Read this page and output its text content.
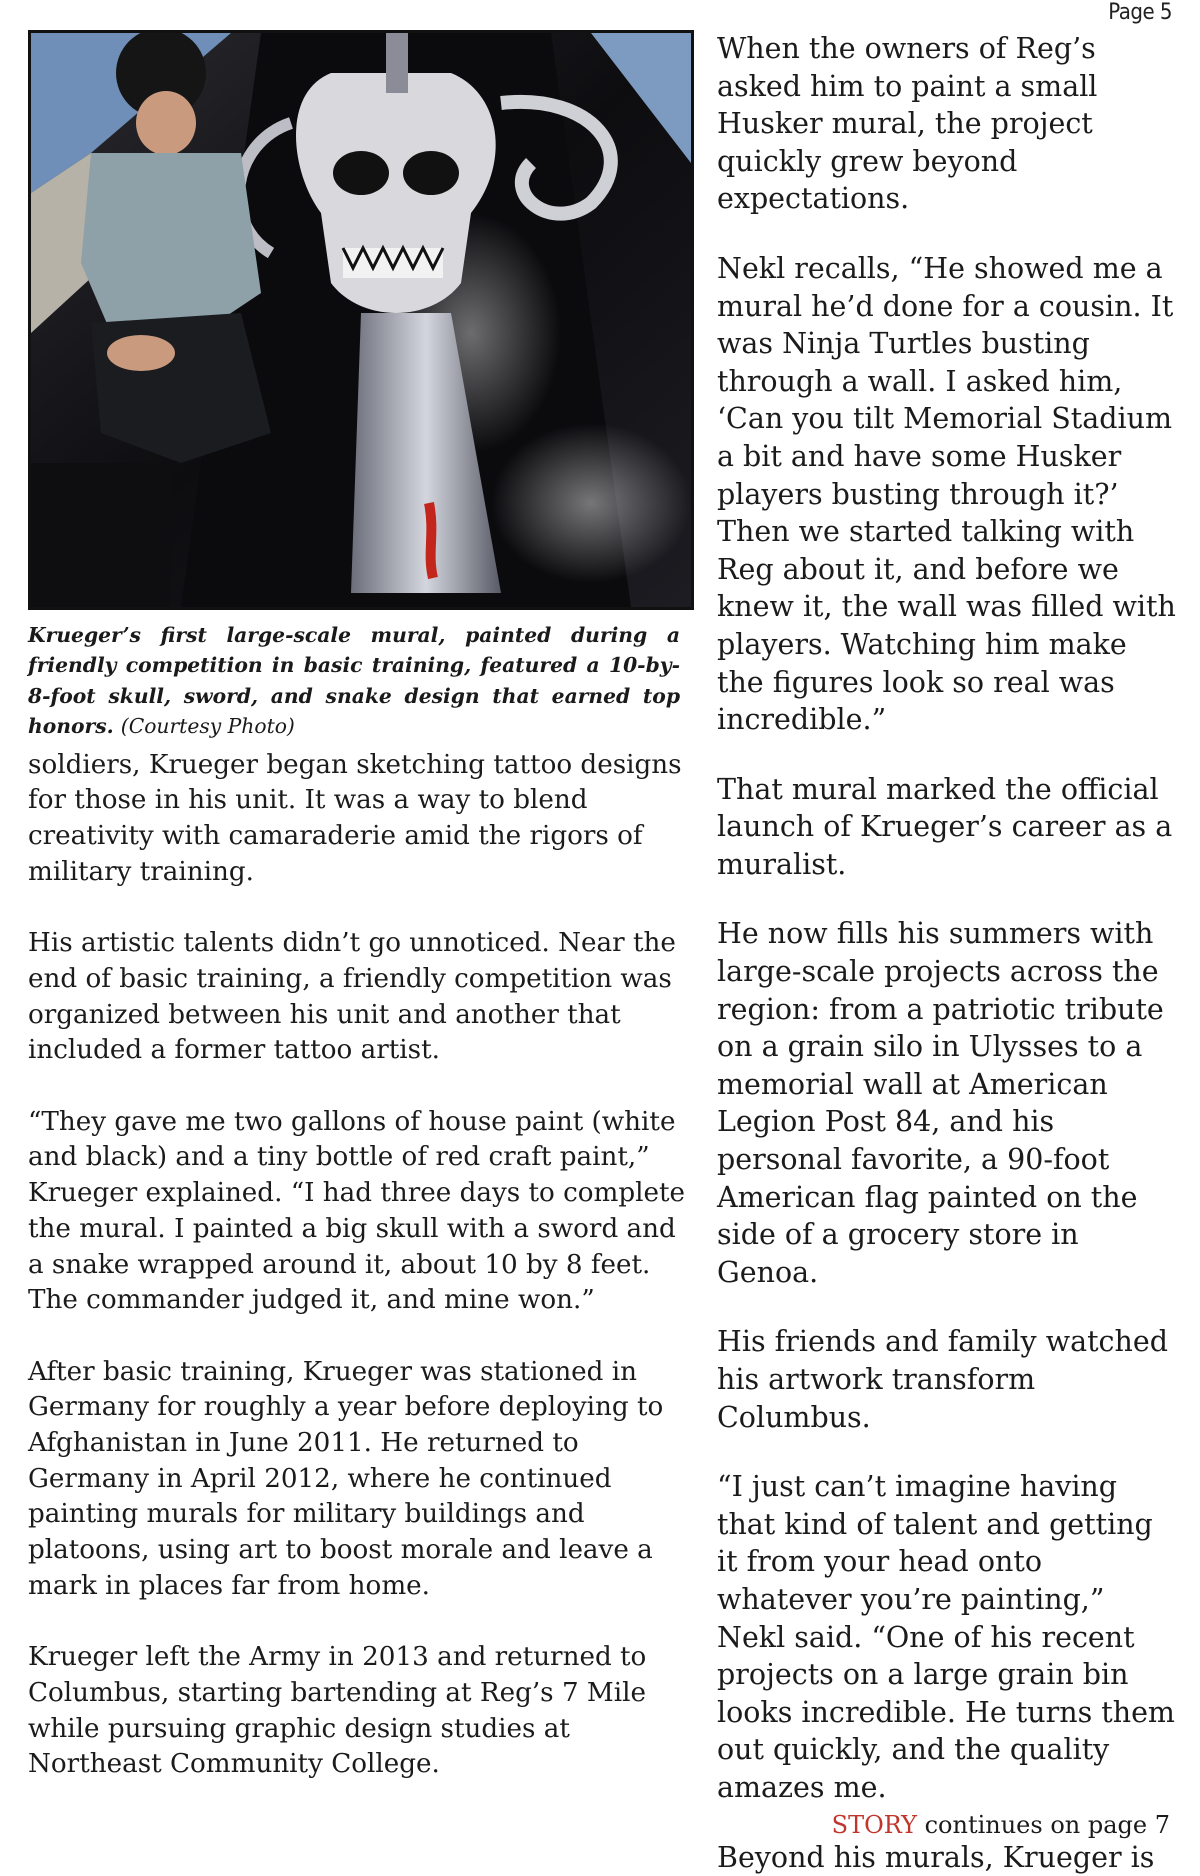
Page 5
Krueger’s first large-scale mural, painted during a friendly competition in basic training, featured a 10-by-8-foot skull, sword, and snake design that earned top honors. (Courtesy Photo)

soldiers, Krueger began sketching tattoo designs for those in his unit. It was a way to blend creativity with camaraderie amid the rigors of military training.

His artistic talents didn’t go unnoticed. Near the end of basic training, a friendly competition was organized between his unit and another that included a former tattoo artist.

“They gave me two gallons of house paint (white and black) and a tiny bottle of red craft paint,” Krueger explained. “I had three days to complete the mural. I painted a big skull with a sword and a snake wrapped around it, about 10 by 8 feet. The commander judged it, and mine won.”

After basic training, Krueger was stationed in Germany for roughly a year before deploying to Afghanistan in June 2011. He returned to Germany in April 2012, where he continued painting murals for military buildings and platoons, using art to boost morale and leave a mark in places far from home.

Krueger left the Army in 2013 and returned to Columbus, starting bartending at Reg’s 7 Mile while pursuing graphic design studies at Northeast Community College.

When the owners of Reg’s asked him to paint a small Husker mural, the project quickly grew beyond expectations.

Nekl recalls, “He showed me a mural he’d done for a cousin. It was Ninja Turtles busting through a wall. I asked him, ‘Can you tilt Memorial Stadium a bit and have some Husker players busting through it?’ Then we started talking with Reg about it, and before we knew it, the wall was filled with players. Watching him make the figures look so real was incredible.”

That mural marked the official launch of Krueger’s career as a muralist.

He now fills his summers with large-scale projects across the region: from a patriotic tribute on a grain silo in Ulysses to a memorial wall at American Legion Post 84, and his personal favorite, a 90-foot American flag painted on the side of a grocery store in Genoa.

His friends and family watched his artwork transform Columbus.

“I just can’t imagine having that kind of talent and getting it from your head onto whatever you’re painting,” Nekl said. “One of his recent projects on a large grain bin looks incredible. He turns them out quickly, and the quality amazes me.

Beyond his murals, Krueger is

STORY continues on page 7
